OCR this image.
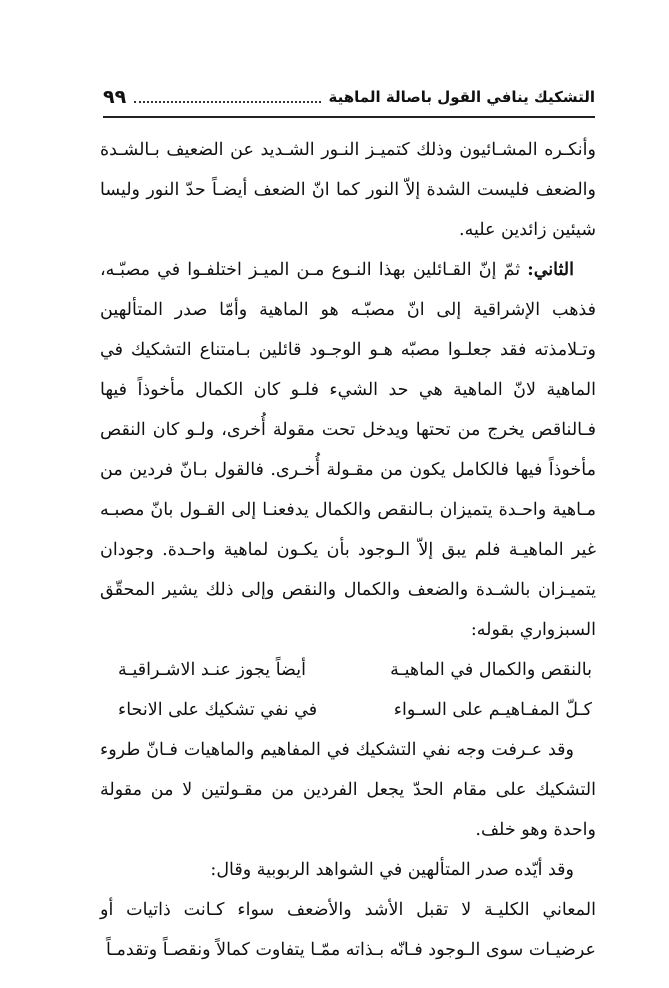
التشكيك ينافي القول باصالة الماهية
٩٩

وأنكـره المشـائيون وذلك كتميـز النـور الشـديد عن الضعيف بـالشـدة والضعف فليست الشدة إلاّ النور كما انّ الضعف أيضـاً حدّ النور وليسا شيئين زائدين عليه.

الثاني: ثمّ إنّ القـائلين بهذا النـوع مـن الميـز اختلفـوا في مصبّـه، فذهب الإشراقية إلى انّ مصبّـه هو الماهية وأمّا صدر المتألهين وتـلامذته فقد جعلـوا مصبّه هـو الوجـود قائلين بـامتناع التشكيك في الماهية لانّ الماهية هي حد الشيء فلـو كان الكمال مأخوذاً فيها فـالناقص يخرج من تحتها ويدخل تحت مقولة أُخرى، ولـو كان النقص مأخوذاً فيها فالكامل يكون من مقـولة أُخـرى. فالقول بـانّ فردين من مـاهية واحـدة يتميزان بـالنقص والكمال يدفعنـا إلى القـول بانّ مصبـه غير الماهيـة فلم يبق إلاّ الـوجود بأن يكـون لماهية واحـدة. وجودان يتميـزان بالشـدة والضعف والكمال والنقص وإلى ذلك يشير المحقّق السبزواري بقوله:

بالنقص والكمال في الماهيـة
أيضاً يجوز عنـد الاشـراقيـة
كـلّ المفـاهيـم على السـواء
في نفي تشكيك على الانحاء

وقد عـرفت وجه نفي التشكيك في المفاهيم والماهيات فـانّ طروء التشكيك على مقام الحدّ يجعل الفردين من مقـولتين لا من مقولة واحدة وهو خلف.

وقد أيّده صدر المتألهين في الشواهد الربوبية وقال:

المعاني الكليـة لا تقبل الأشد والأضعف سواء كـانت ذاتيات أو عرضيـات سوى الـوجود فـانّه بـذاته ممّـا يتفاوت كمالاً ونقصـاً وتقدمـاً
